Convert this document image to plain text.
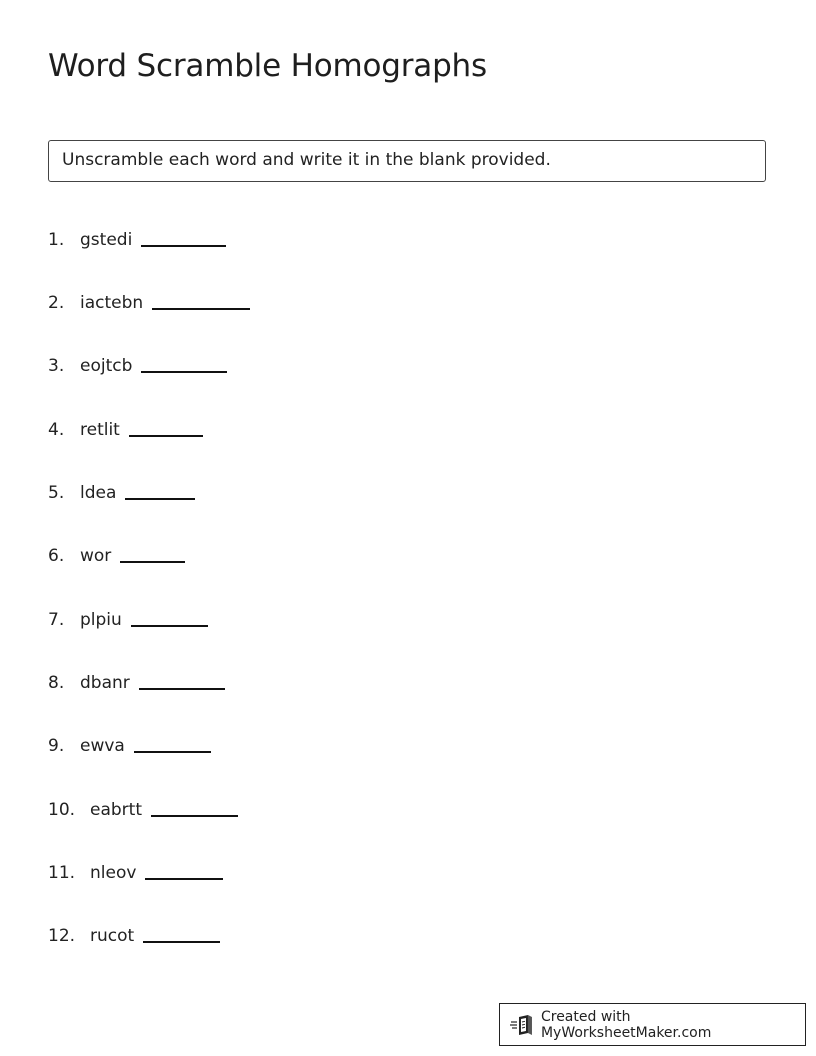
Word Scramble Homographs
Unscramble each word and write it in the blank provided.
1. gstedi
2. iactebn
3. eojtcb
4. retlit
5. ldea
6. wor
7. plpiu
8. dbanr
9. ewva
10. eabrtt
11. nleov
12. rucot
Created with MyWorksheetMaker.com
